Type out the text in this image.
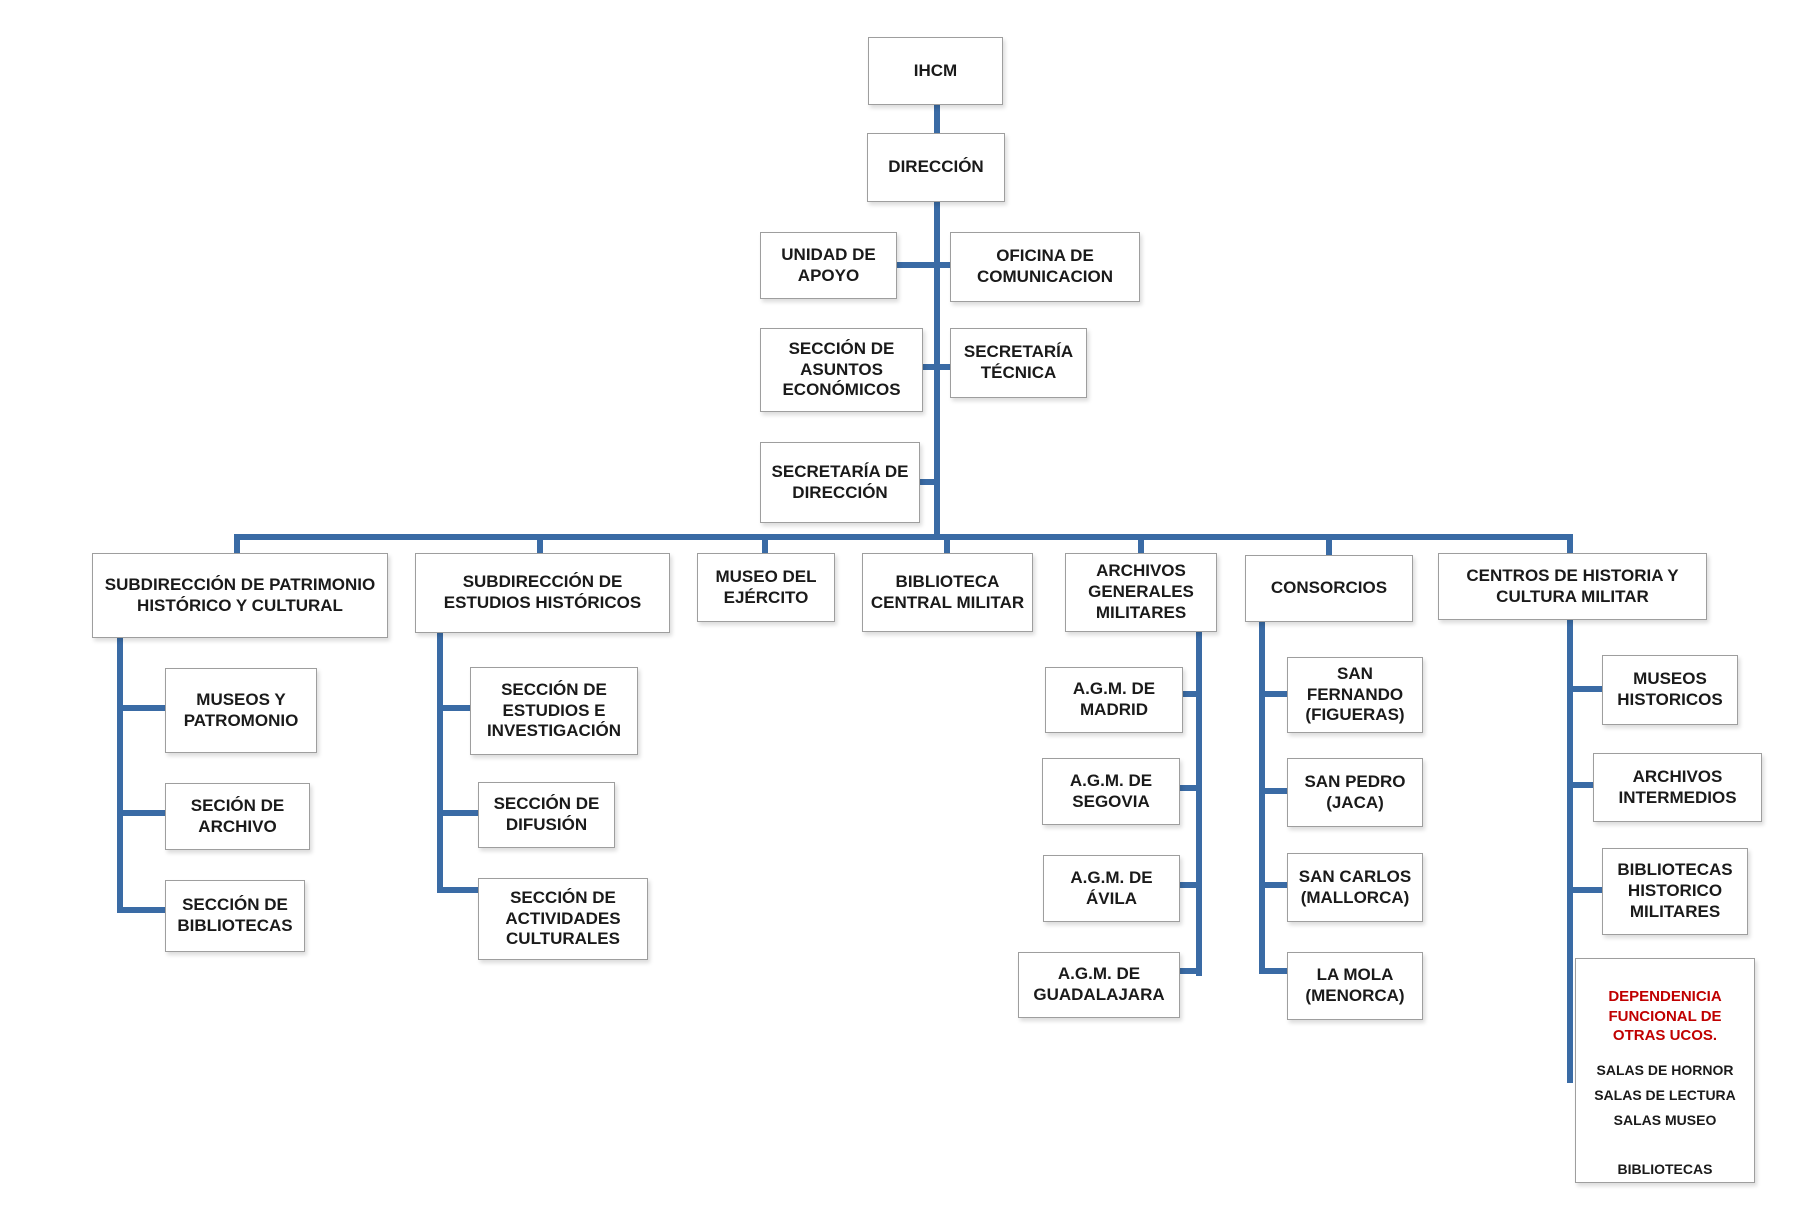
IHCM
DIRECCIÓN
UNIDAD DE APOYO
OFICINA DE COMUNICACION
SECCIÓN DE ASUNTOS ECONÓMICOS
SECRETARÍA TÉCNICA
SECRETARÍA DE DIRECCIÓN
SUBDIRECCIÓN DE PATRIMONIO HISTÓRICO Y CULTURAL
MUSEOS Y PATROMONIO
SECIÓN DE ARCHIVO
SECCIÓN DE BIBLIOTECAS
SUBDIRECCIÓN DE ESTUDIOS HISTÓRICOS
SECCIÓN DE ESTUDIOS E INVESTIGACIÓN
SECCIÓN DE DIFUSIÓN
SECCIÓN DE ACTIVIDADES CULTURALES
MUSEO DEL EJÉRCITO
BIBLIOTECA CENTRAL MILITAR
ARCHIVOS GENERALES MILITARES
A.G.M. DE MADRID
A.G.M. DE SEGOVIA
A.G.M. DE ÁVILA
A.G.M. DE GUADALAJARA
CONSORCIOS
SAN FERNANDO (FIGUERAS)
SAN PEDRO (JACA)
SAN CARLOS (MALLORCA)
LA MOLA (MENORCA)
CENTROS DE HISTORIA Y CULTURA MILITAR
MUSEOS HISTORICOS
ARCHIVOS INTERMEDIOS
BIBLIOTECAS HISTORICO MILITARES
DEPENDENICIA FUNCIONAL DE OTRAS UCOS.
SALAS DE HORNOR
SALAS DE LECTURA
SALAS MUSEO
BIBLIOTECAS
